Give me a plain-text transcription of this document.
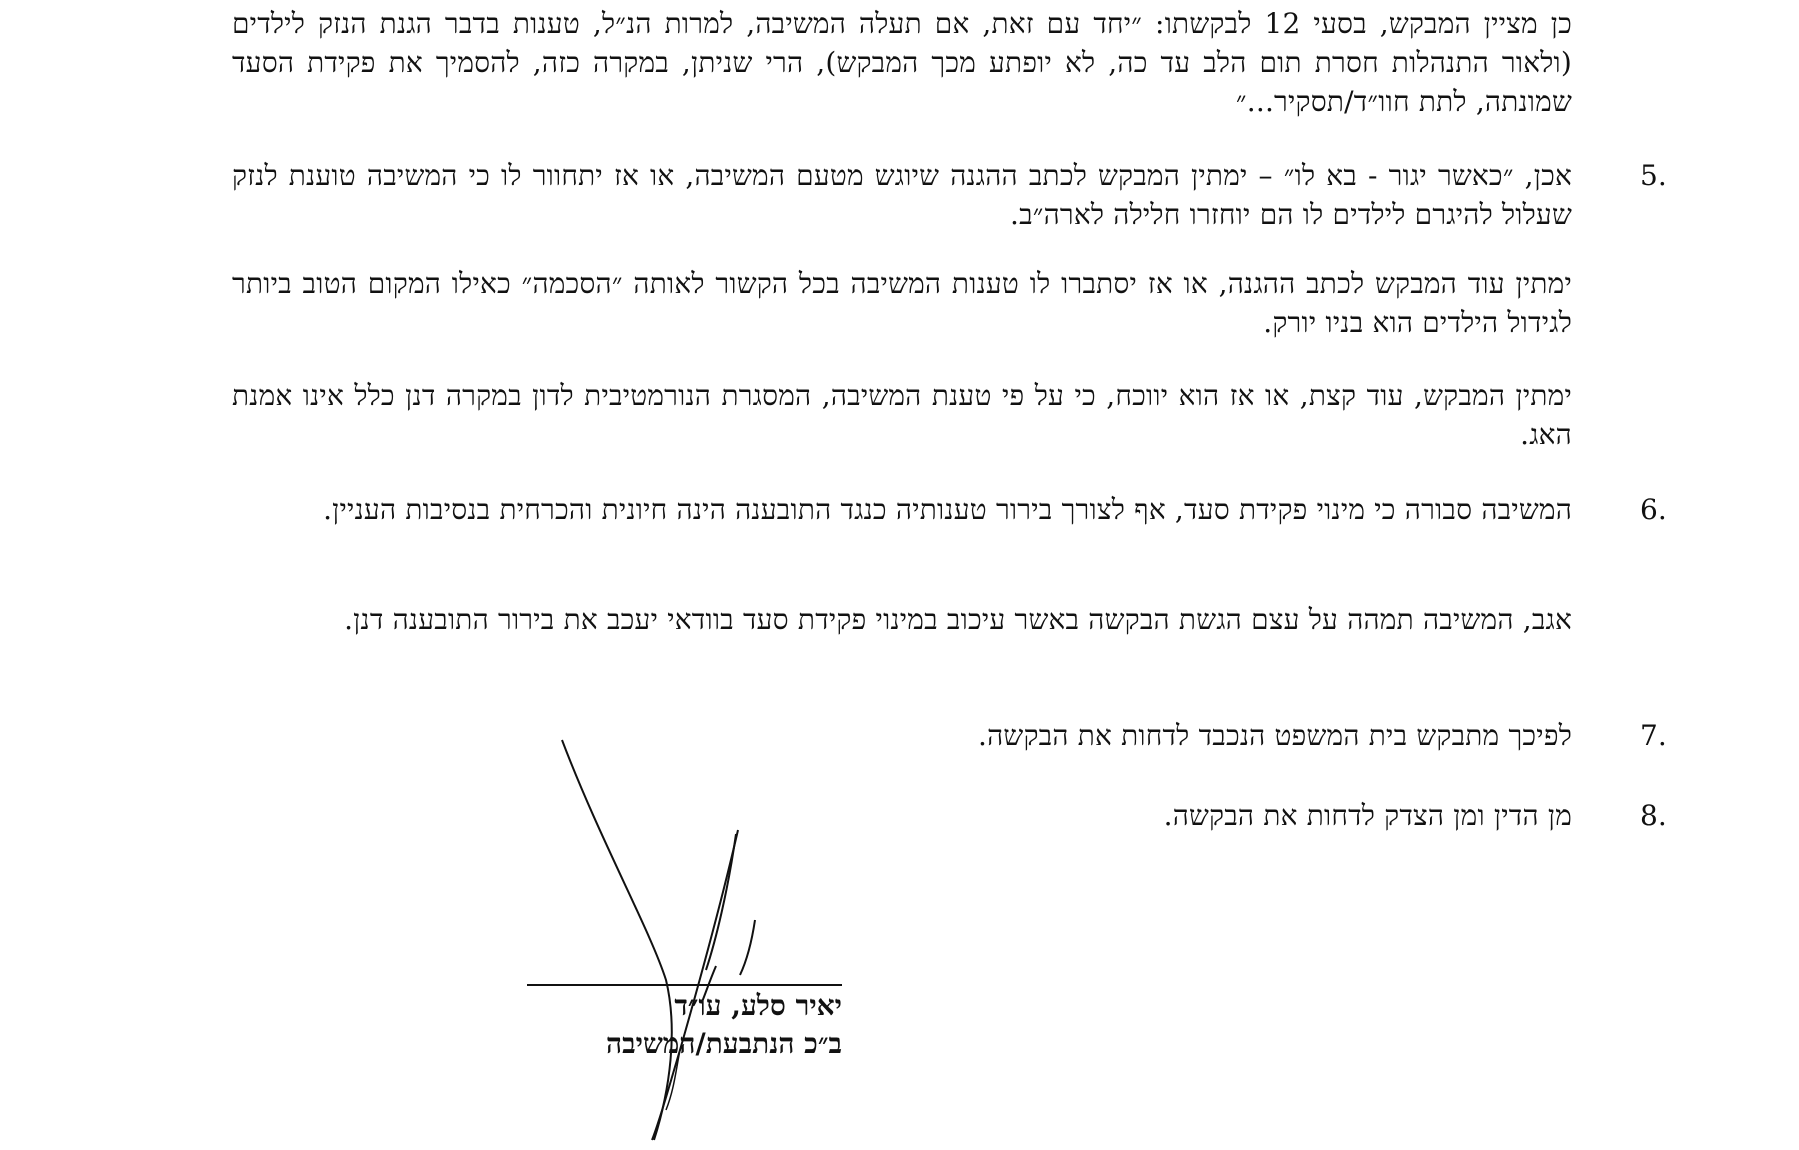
כן מציין המבקש, בסעי 12 לבקשתו: ״יחד עם זאת, אם תעלה המשיבה, למרות הנ״ל, טענות בדבר הגנת הנזק לילדים (ולאור התנהלות חסרת תום הלב עד כה, לא יופתע מכך המבקש), הרי שניתן, במקרה כזה, להסמיך את פקידת הסעד שמונתה, לתת חוו״ד/תסקיר...״
5.
אכן, ״כאשר יגור - בא לו״ – ימתין המבקש לכתב ההגנה שיוגש מטעם המשיבה, או אז יתחוור לו כי המשיבה טוענת לנזק שעלול להיגרם לילדים לו הם יוחזרו חלילה לארה״ב.
ימתין עוד המבקש לכתב ההגנה, או אז יסתברו לו טענות המשיבה בכל הקשור לאותה ״הסכמה״ כאילו המקום הטוב ביותר לגידול הילדים הוא בניו יורק.
ימתין המבקש, עוד קצת, או אז הוא יווכח, כי על פי טענת המשיבה, המסגרת הנורמטיבית לדון במקרה דנן כלל אינו אמנת האג.
6.
המשיבה סבורה כי מינוי פקידת סעד, אף לצורך בירור טענותיה כנגד התובענה הינה חיונית והכרחית בנסיבות העניין.
אגב, המשיבה תמהה על עצם הגשת הבקשה באשר עיכוב במינוי פקידת סעד בוודאי יעכב את בירור התובענה דנן.
7.
לפיכך מתבקש בית המשפט הנכבד לדחות את הבקשה.
8.
מן הדין ומן הצדק לדחות את הבקשה.
יאיר סלע, עו״ד
ב״כ הנתבעת/המשיבה
